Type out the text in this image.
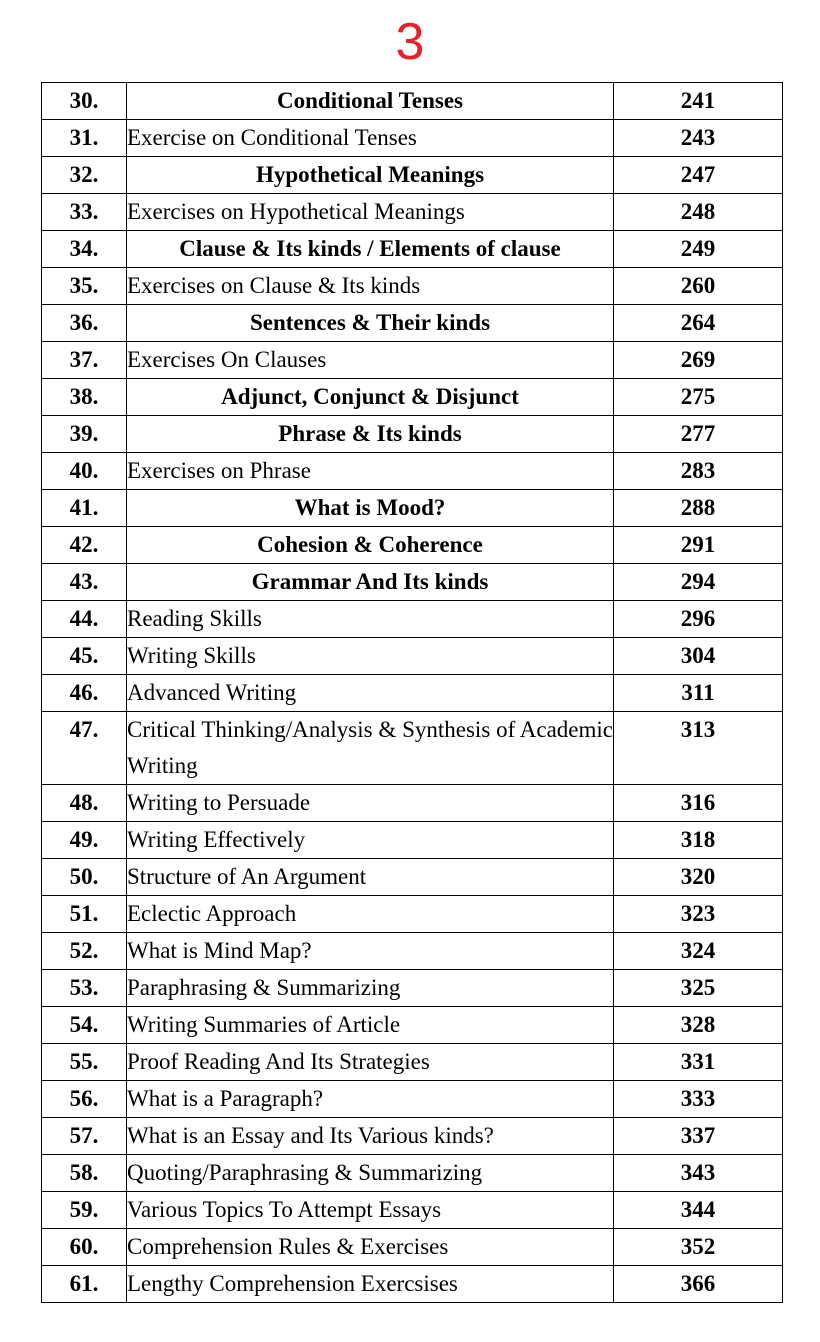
3
30.	Conditional Tenses	241
31.	Exercise on Conditional Tenses	243
32.	Hypothetical Meanings	247
33.	Exercises on Hypothetical Meanings	248
34.	Clause & Its kinds / Elements of clause	249
35.	Exercises on Clause & Its kinds	260
36.	Sentences & Their kinds	264
37.	Exercises On Clauses	269
38.	Adjunct, Conjunct & Disjunct	275
39.	Phrase & Its kinds	277
40.	Exercises on Phrase	283
41.	What is Mood?	288
42.	Cohesion & Coherence	291
43.	Grammar And Its kinds	294
44.	Reading Skills	296
45.	Writing Skills	304
46.	Advanced Writing	311
47.	Critical Thinking/Analysis & Synthesis of Academic Writing	313
48.	Writing to Persuade	316
49.	Writing Effectively	318
50.	Structure of An Argument	320
51.	Eclectic Approach	323
52.	What is Mind Map?	324
53.	Paraphrasing & Summarizing	325
54.	Writing Summaries of Article	328
55.	Proof Reading And Its Strategies	331
56.	What is a Paragraph?	333
57.	What is an Essay and Its Various kinds?	337
58.	Quoting/Paraphrasing & Summarizing	343
59.	Various Topics To Attempt Essays	344
60.	Comprehension Rules & Exercises	352
61.	Lengthy Comprehension Exercsises	366
